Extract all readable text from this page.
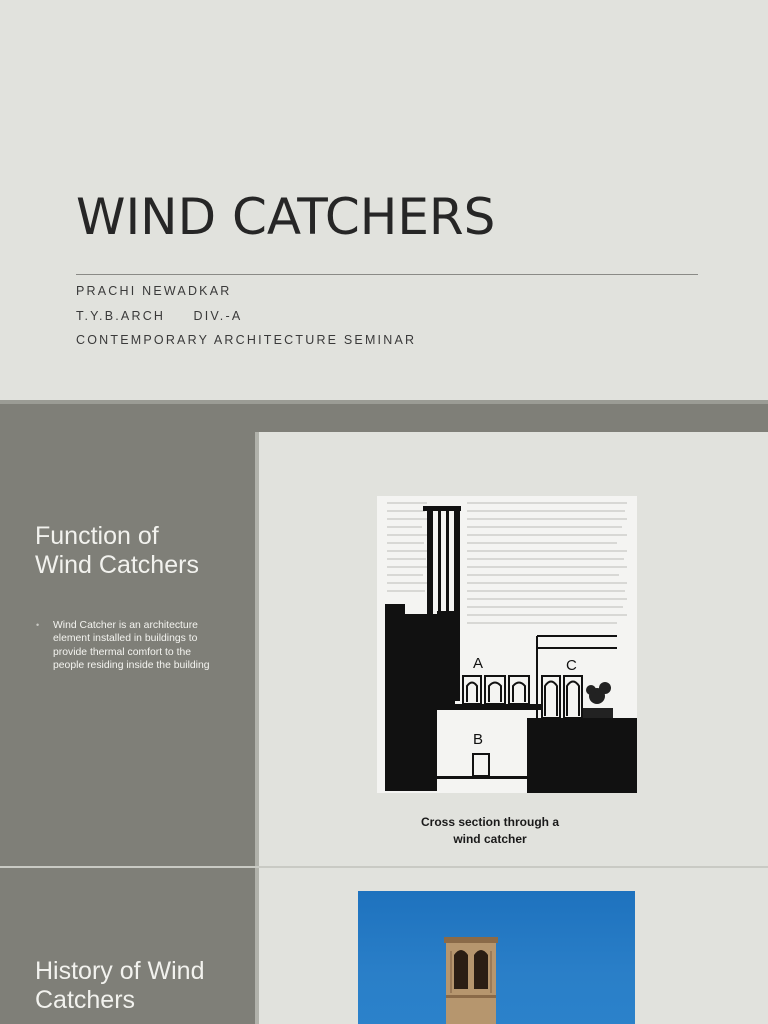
WIND CATCHERS
PRACHI NEWADKAR
T.Y.B.ARCH     DIV.-A
CONTEMPORARY ARCHITECTURE SEMINAR
Function of
Wind Catchers
• Wind Catcher is an architecture element installed in buildings to provide thermal comfort to the people residing inside the building	A
B
C
Cross section through a
wind catcher
History of Wind
Catchers
